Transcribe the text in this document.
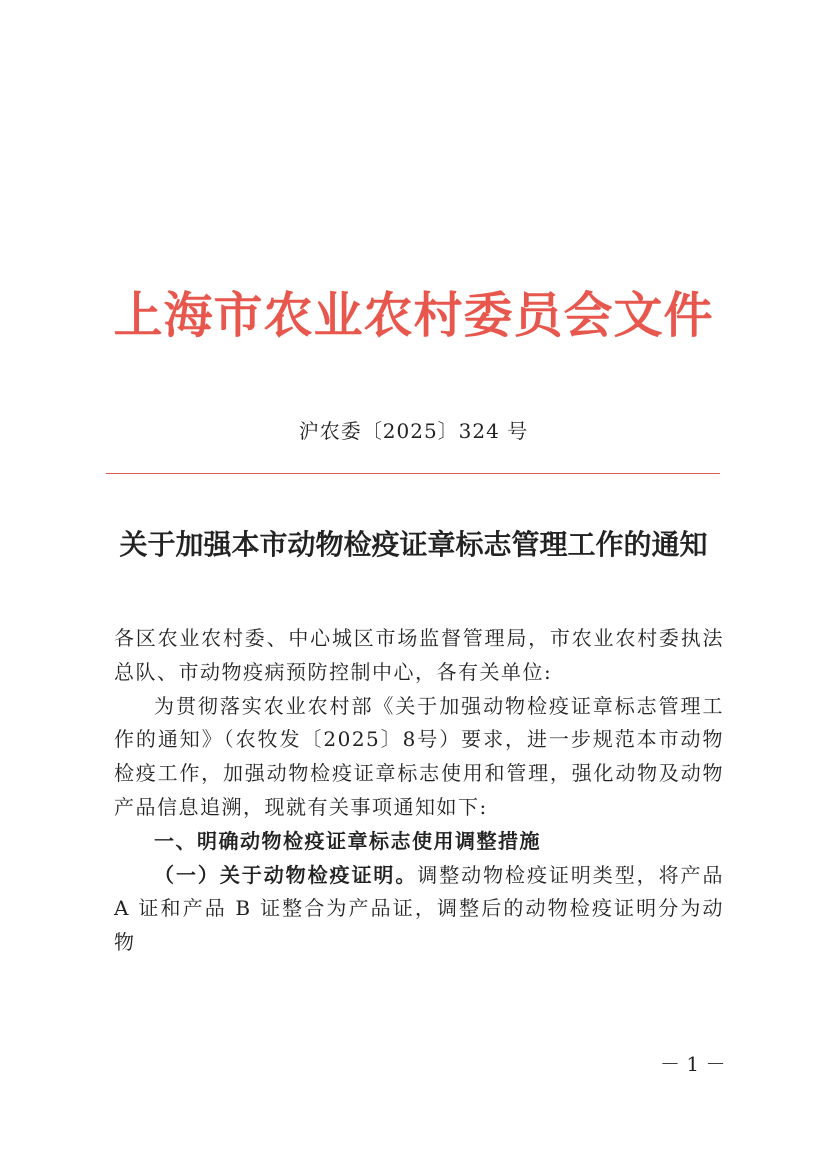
上海市农业农村委员会文件
沪农委〔2025〕324 号
关于加强本市动物检疫证章标志管理工作的通知

各区农业农村委、中心城区市场监督管理局，市农业农村委执法总队、市动物疫病预防控制中心，各有关单位:

为贯彻落实农业农村部《关于加强动物检疫证章标志管理工作的通知》（农牧发〔2025〕8号）要求，进一步规范本市动物检疫工作，加强动物检疫证章标志使用和管理，强化动物及动物产品信息追溯，现就有关事项通知如下:

一、明确动物检疫证章标志使用调整措施

（一）关于动物检疫证明。调整动物检疫证明类型，将产品 A 证和产品 B 证整合为产品证，调整后的动物检疫证明分为动物

－ 1 －
